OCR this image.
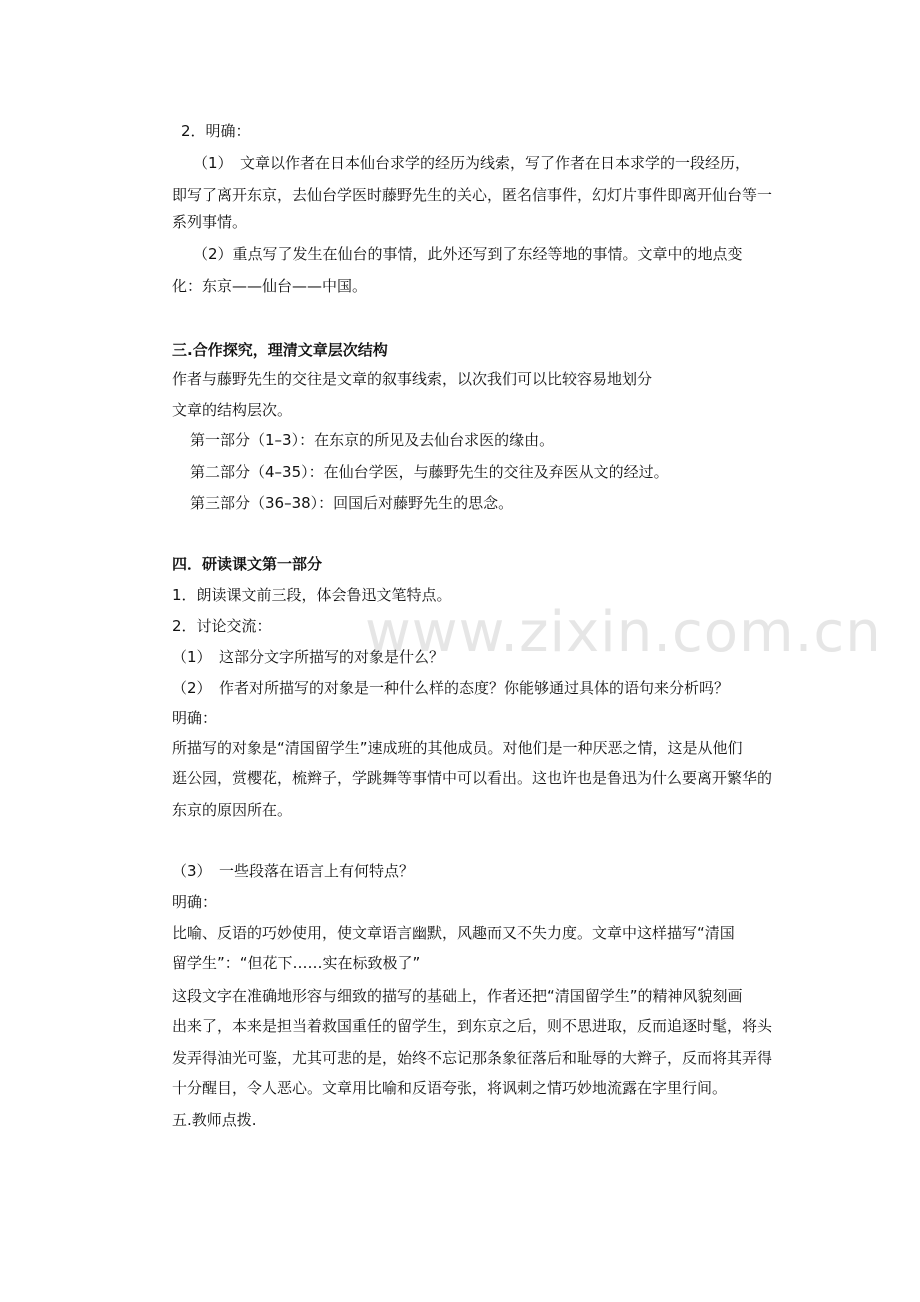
www.zixin.com.cn
2．明确：
（1）　文章以作者在日本仙台求学的经历为线索，写了作者在日本求学的一段经历，
即写了离开东京，去仙台学医时藤野先生的关心，匿名信事件，幻灯片事件即离开仙台等一
系列事情。
（2）重点写了发生在仙台的事情，此外还写到了东经等地的事情。文章中的地点变
化：东京——仙台——中国。
三.合作探究，理清文章层次结构
作者与藤野先生的交往是文章的叙事线索，以次我们可以比较容易地划分
文章的结构层次。
第一部分（1–3）：在东京的所见及去仙台求医的缘由。
第二部分（4–35）：在仙台学医，与藤野先生的交往及弃医从文的经过。
第三部分（36–38）：回国后对藤野先生的思念。
四．研读课文第一部分
1．朗读课文前三段，体会鲁迅文笔特点。
2．讨论交流：
（1）　这部分文字所描写的对象是什么？
（2）　作者对所描写的对象是一种什么样的态度？你能够通过具体的语句来分析吗？
明确：
所描写的对象是“清国留学生”速成班的其他成员。对他们是一种厌恶之情，这是从他们
逛公园，赏樱花，梳辫子，学跳舞等事情中可以看出。这也许也是鲁迅为什么要离开繁华的
东京的原因所在。
（3）　一些段落在语言上有何特点？
明确：
比喻、反语的巧妙使用，使文章语言幽默，风趣而又不失力度。文章中这样描写“清国
留学生”：“但花下……实在标致极了”
这段文字在准确地形容与细致的描写的基础上，作者还把“清国留学生”的精神风貌刻画
出来了，本来是担当着救国重任的留学生，到东京之后，则不思进取，反而追逐时髦，将头
发弄得油光可鉴，尤其可悲的是，始终不忘记那条象征落后和耻辱的大辫子，反而将其弄得
十分醒目，令人恶心。文章用比喻和反语夸张，将讽刺之情巧妙地流露在字里行间。
五.教师点拨.
